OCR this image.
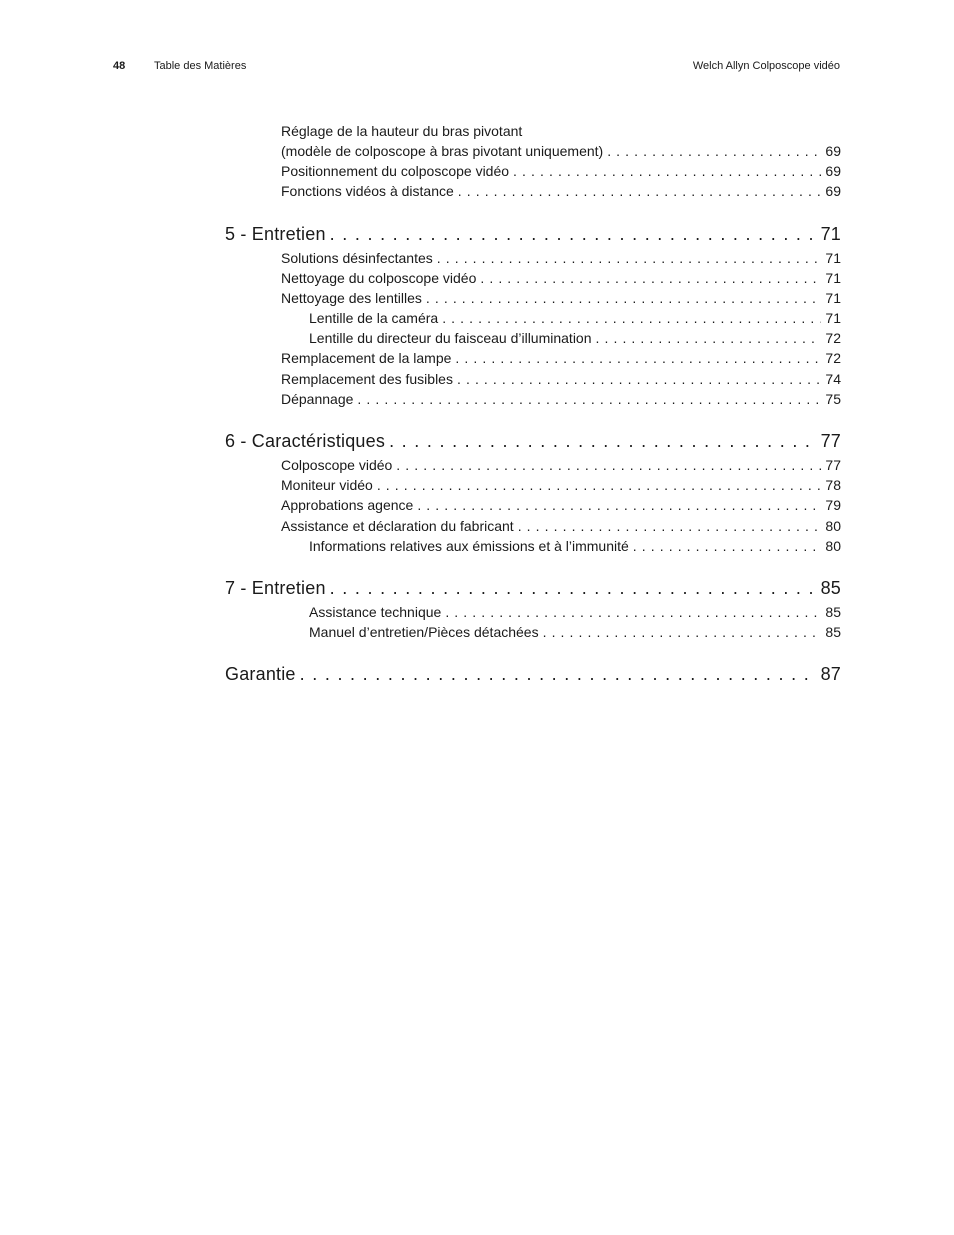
48	Table des Matières	Welch Allyn Colposcope vidéo
Réglage de la hauteur du bras pivotant
(modèle de colposcope à bras pivotant uniquement) . . .	69
Positionnement du colposcope vidéo . . .	69
Fonctions vidéos à distance . . .	69
5 - Entretien . . .	71
Solutions désinfectantes . . .	71
Nettoyage du colposcope vidéo . . .	71
Nettoyage des lentilles . . .	71
Lentille de la caméra . . .	71
Lentille du directeur du faisceau d’illumination . . .	72
Remplacement de la lampe . . .	72
Remplacement des fusibles . . .	74
Dépannage . . .	75
6 - Caractéristiques . . .	77
Colposcope vidéo . . .	77
Moniteur vidéo . . .	78
Approbations agence . . .	79
Assistance et déclaration du fabricant . . .	80
Informations relatives aux émissions et à l’immunité . . .	80
7 - Entretien . . .	85
Assistance technique . . .	85
Manuel d’entretien/Pièces détachées . . .	85
Garantie . . .	87
